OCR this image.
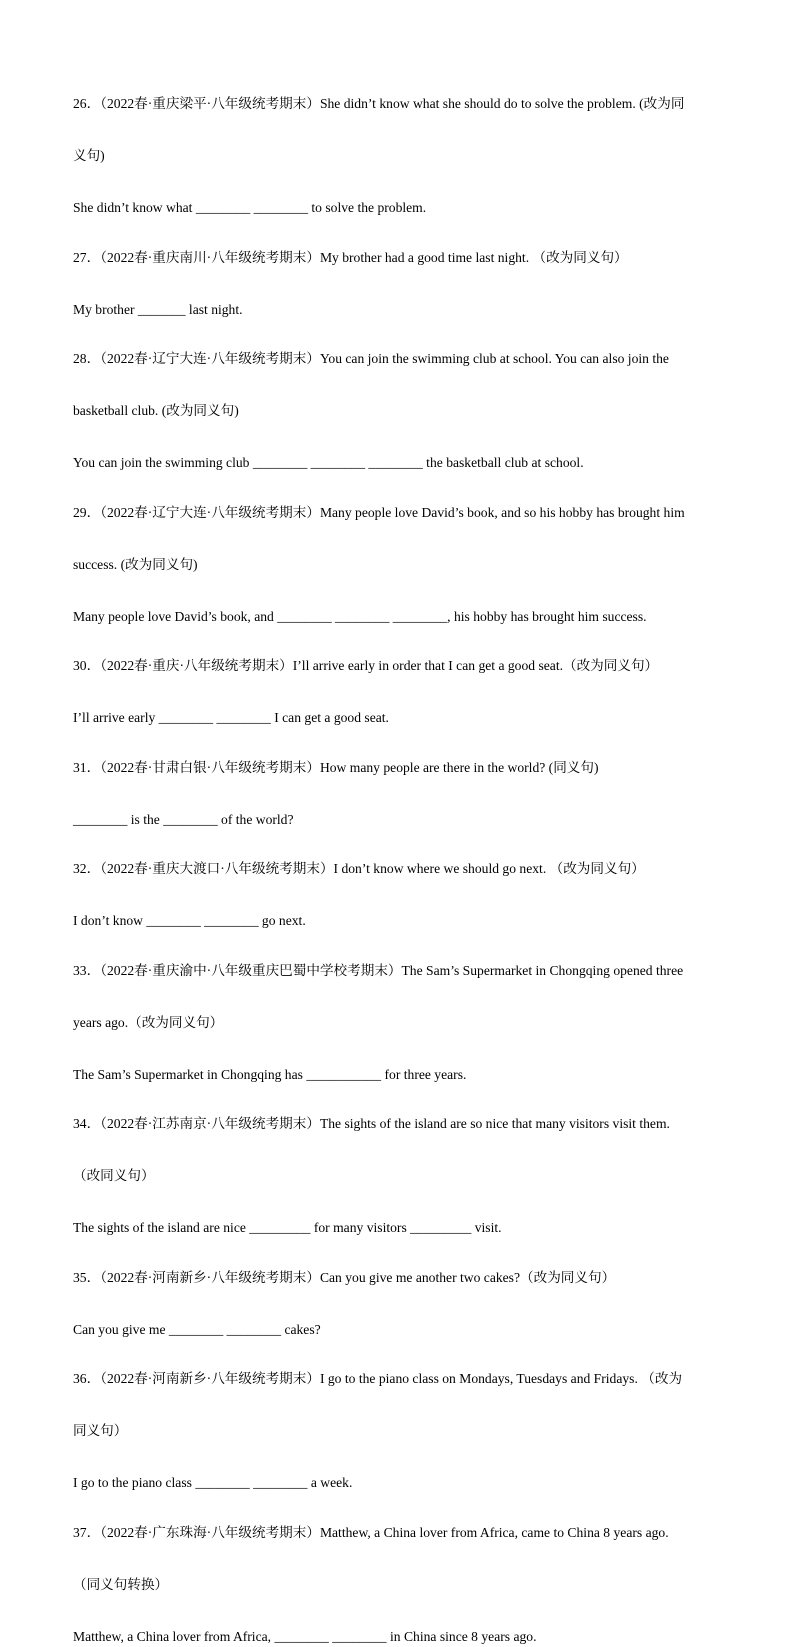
26．（2022春·重庆梁平·八年级统考期末）She didn’t know what she should do to solve the problem. (改为同

义句)

She didn’t know what ________ ________ to solve the problem.

27．（2022春·重庆南川·八年级统考期末）My brother had a good time last night. （改为同义句）

My brother _______ last night.

28．（2022春·辽宁大连·八年级统考期末）You can join the swimming club at school. You can also join the

basketball club. (改为同义句)

You can join the swimming club ________ ________ ________ the basketball club at school.

29．（2022春·辽宁大连·八年级统考期末）Many people love David’s book, and so his hobby has brought him

success. (改为同义句)

Many people love David’s book, and ________ ________ ________, his hobby has brought him success.

30．（2022春·重庆·八年级统考期末）I’ll arrive early in order that I can get a good seat.（改为同义句）

I’ll arrive early ________ ________ I can get a good seat.

31．（2022春·甘肃白银·八年级统考期末）How many people are there in the world? (同义句)

________ is the ________ of the world?

32．（2022春·重庆大渡口·八年级统考期末）I don’t know where we should go next. （改为同义句）

I don’t know ________ ________ go next.

33．（2022春·重庆渝中·八年级重庆巴蜀中学校考期末）The Sam’s Supermarket in Chongqing opened three

years ago.（改为同义句）

The Sam’s Supermarket in Chongqing has ___________ for three years.

34．（2022春·江苏南京·八年级统考期末）The sights of the island are so nice that many visitors visit them.

（改同义句）

The sights of the island are nice _________ for many visitors _________ visit.

35．（2022春·河南新乡·八年级统考期末）Can you give me another two cakes?（改为同义句）

Can you give me ________ ________ cakes?

36．（2022春·河南新乡·八年级统考期末）I go to the piano class on Mondays, Tuesdays and Fridays. （改为

同义句）

I go to the piano class ________ ________ a week.

37．（2022春·广东珠海·八年级统考期末）Matthew, a China lover from Africa, came to China 8 years ago.

（同义句转换）

Matthew, a China lover from Africa, ________ ________ in China since 8 years ago.
